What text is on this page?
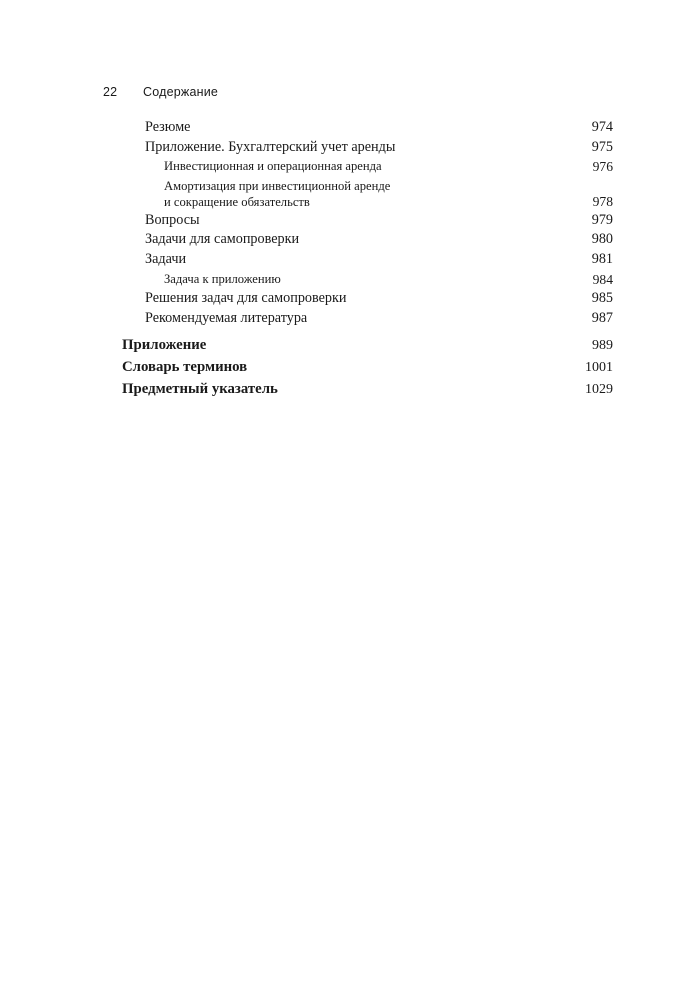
22 Содержание
Резюме	974
Приложение. Бухгалтерский учет аренды	975
Инвестиционная и операционная аренда	976
Амортизация при инвестиционной аренде
и сокращение обязательств	978
Вопросы	979
Задачи для самопроверки	980
Задачи	981
Задача к приложению	984
Решения задач для самопроверки	985
Рекомендуемая литература	987
Приложение	989
Словарь терминов	1001
Предметный указатель	1029
